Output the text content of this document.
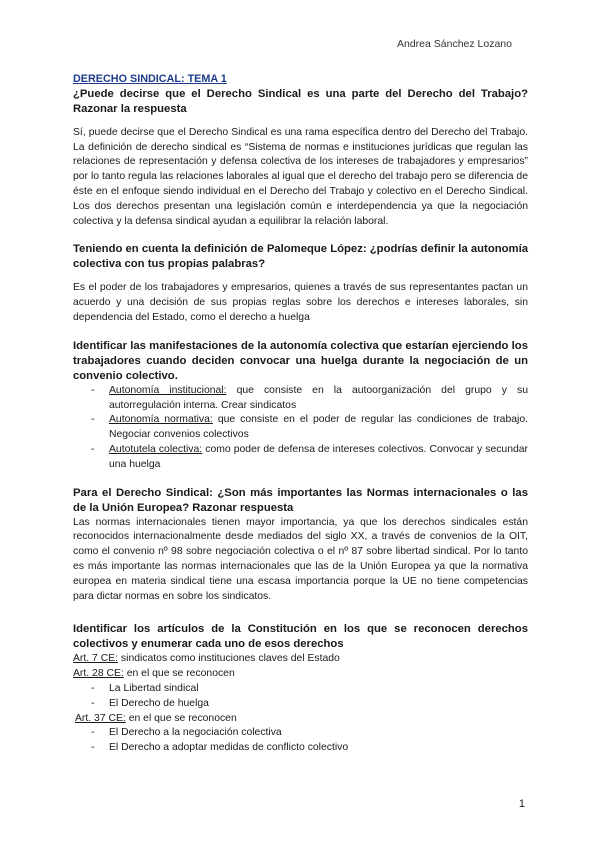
Andrea Sánchez Lozano

DERECHO SINDICAL: TEMA 1

¿Puede decirse que el Derecho Sindical es una parte del Derecho del Trabajo? Razonar la respuesta

Sí, puede decirse que el Derecho Sindical es una rama específica dentro del Derecho del Trabajo. La definición de derecho sindical es “Sistema de normas e instituciones jurídicas que regulan las relaciones de representación y defensa colectiva de los intereses de trabajadores y empresarios” por lo tanto regula las relaciones laborales al igual que el derecho del trabajo pero se diferencia de éste en el enfoque siendo individual en el Derecho del Trabajo y colectivo en el Derecho Sindical. Los dos derechos presentan una legislación común e interdependencia ya que la negociación colectiva y la defensa sindical ayudan a equilibrar la relación laboral.

Teniendo en cuenta la definición de Palomeque López: ¿podrías definir la autonomía colectiva con tus propias palabras?

Es el poder de los trabajadores y empresarios, quienes a través de sus representantes pactan un acuerdo y una decisión de sus propias reglas sobre los derechos e intereses laborales, sin dependencia del Estado, como el derecho a huelga

Identificar las manifestaciones de la autonomía colectiva que estarían ejerciendo los trabajadores cuando deciden convocar una huelga durante la negociación de un convenio colectivo.

- Autonomía institucional: que consiste en la autoorganización del grupo y su autorregulación interna. Crear sindicatos
- Autonomía normativa: que consiste en el poder de regular las condiciones de trabajo. Negociar convenios colectivos
- Autotutela colectiva: como poder de defensa de intereses colectivos. Convocar y secundar una huelga

Para el Derecho Sindical: ¿Son más importantes las Normas internacionales o las de la Unión Europea? Razonar respuesta

Las normas internacionales tienen mayor importancia, ya que los derechos sindicales están reconocidos internacionalmente desde mediados del siglo XX, a través de convenios de la OIT, como el convenio nº 98 sobre negociación colectiva o el nº 87 sobre libertad sindical. Por lo tanto es más importante las normas internacionales que las de la Unión Europea ya que la normativa europea en materia sindical tiene una escasa importancia porque la UE no tiene competencias para dictar normas en sobre los sindicatos.

Identificar los artículos de la Constitución en los que se reconocen derechos colectivos y enumerar cada uno de esos derechos

Art. 7 CE: sindicatos como instituciones claves del Estado

Art. 28 CE: en el que se reconocen

- La Libertad sindical
- El Derecho de huelga

Art. 37 CE: en el que se reconocen

- El Derecho a la negociación colectiva
- El Derecho a adoptar medidas de conflicto colectivo
1
